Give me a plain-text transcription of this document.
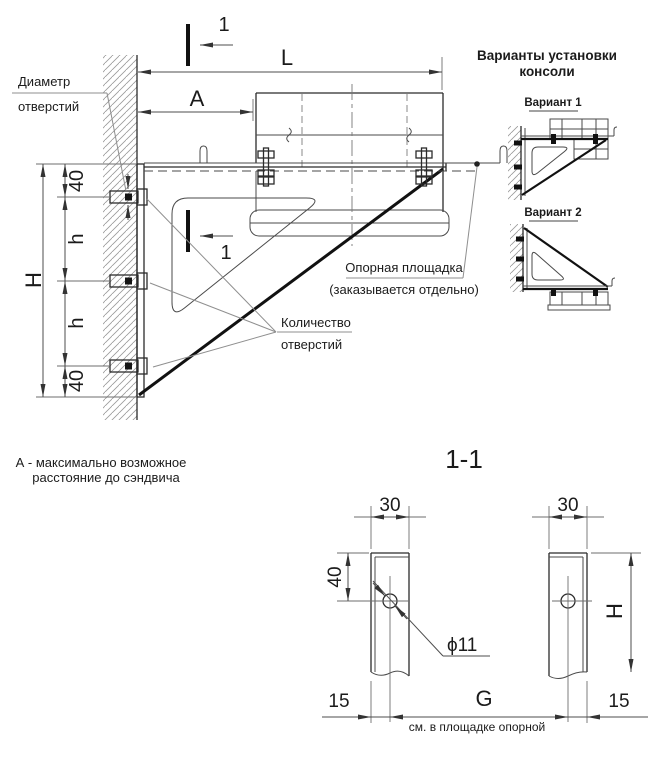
1
1
L
A
40
h
h
40
H
Диаметр
отверстий
Количество
отверстий
Опорная площадка
(заказывается отдельно)
А - максимально возможное
расстояние до сэндвича
Варианты установки
консоли
Вариант 1
Вариант 2
1-1
30	30
40
ϕ11
H
15	G	15
см. в площадке опорной
